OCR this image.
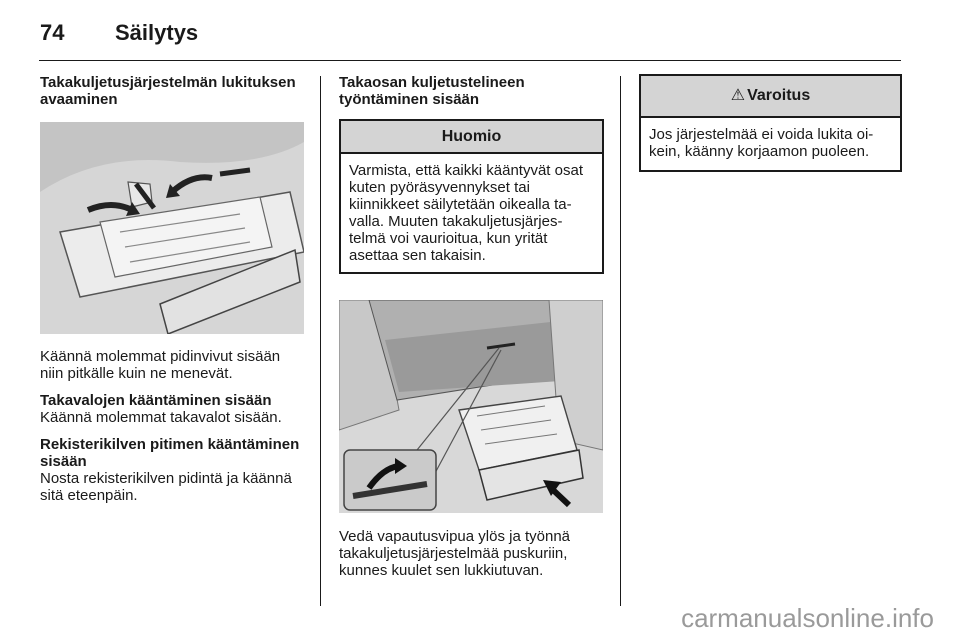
74 Säilytys
Takakuljetusjärjestelmän lukituksen avaaminen

Käännä molemmat pidinvivut sisään niin pitkälle kuin ne menevät.

Takavalojen kääntäminen sisään

Käännä molemmat takavalot sisään.

Rekisterikilven pitimen kääntäminen sisään

Nosta rekisterikilven pidintä ja käännä sitä eteenpäin.

Takaosan kuljetustelineen työntäminen sisään
Huomio
Varmista, että kaikki kääntyvät osat kuten pyöräsyvennykset tai kiinnikkeet säilytetään oikealla tavalla. Muuten takakuljetusjärjestelmä voi vaurioitua, kun yrität asettaa sen takaisin.

Vedä vapautusvipua ylös ja työnnä takakuljetusjärjestelmää puskuriin, kunnes kuulet sen lukkiutuvan.

⚠ Varoitus
Jos järjestelmää ei voida lukita oikein, käänny korjaamon puoleen.
carmanualsonline.info
